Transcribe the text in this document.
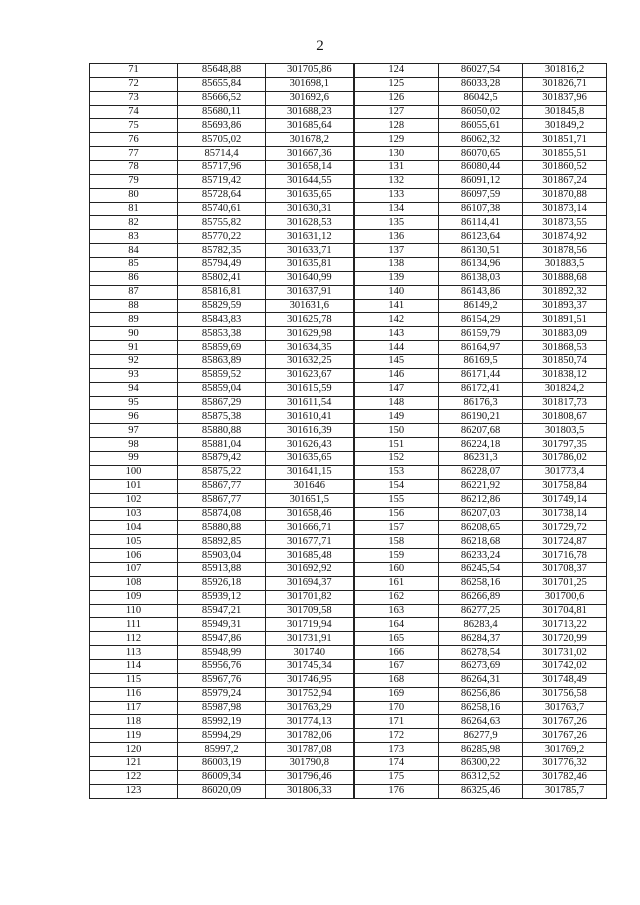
2
71	85648,88	301705,86	124	86027,54	301816,2
72	85655,84	301698,1	125	86033,28	301826,71
73	85666,52	301692,6	126	86042,5	301837,96
74	85680,11	301688,23	127	86050,02	301845,8
75	85693,86	301685,64	128	86055,61	301849,2
76	85705,02	301678,2	129	86062,32	301851,71
77	85714,4	301667,36	130	86070,65	301855,51
78	85717,96	301658,14	131	86080,44	301860,52
79	85719,42	301644,55	132	86091,12	301867,24
80	85728,64	301635,65	133	86097,59	301870,88
81	85740,61	301630,31	134	86107,38	301873,14
82	85755,82	301628,53	135	86114,41	301873,55
83	85770,22	301631,12	136	86123,64	301874,92
84	85782,35	301633,71	137	86130,51	301878,56
85	85794,49	301635,81	138	86134,96	301883,5
86	85802,41	301640,99	139	86138,03	301888,68
87	85816,81	301637,91	140	86143,86	301892,32
88	85829,59	301631,6	141	86149,2	301893,37
89	85843,83	301625,78	142	86154,29	301891,51
90	85853,38	301629,98	143	86159,79	301883,09
91	85859,69	301634,35	144	86164,97	301868,53
92	85863,89	301632,25	145	86169,5	301850,74
93	85859,52	301623,67	146	86171,44	301838,12
94	85859,04	301615,59	147	86172,41	301824,2
95	85867,29	301611,54	148	86176,3	301817,73
96	85875,38	301610,41	149	86190,21	301808,67
97	85880,88	301616,39	150	86207,68	301803,5
98	85881,04	301626,43	151	86224,18	301797,35
99	85879,42	301635,65	152	86231,3	301786,02
100	85875,22	301641,15	153	86228,07	301773,4
101	85867,77	301646	154	86221,92	301758,84
102	85867,77	301651,5	155	86212,86	301749,14
103	85874,08	301658,46	156	86207,03	301738,14
104	85880,88	301666,71	157	86208,65	301729,72
105	85892,85	301677,71	158	86218,68	301724,87
106	85903,04	301685,48	159	86233,24	301716,78
107	85913,88	301692,92	160	86245,54	301708,37
108	85926,18	301694,37	161	86258,16	301701,25
109	85939,12	301701,82	162	86266,89	301700,6
110	85947,21	301709,58	163	86277,25	301704,81
111	85949,31	301719,94	164	86283,4	301713,22
112	85947,86	301731,91	165	86284,37	301720,99
113	85948,99	301740	166	86278,54	301731,02
114	85956,76	301745,34	167	86273,69	301742,02
115	85967,76	301746,95	168	86264,31	301748,49
116	85979,24	301752,94	169	86256,86	301756,58
117	85987,98	301763,29	170	86258,16	301763,7
118	85992,19	301774,13	171	86264,63	301767,26
119	85994,29	301782,06	172	86277,9	301767,26
120	85997,2	301787,08	173	86285,98	301769,2
121	86003,19	301790,8	174	86300,22	301776,32
122	86009,34	301796,46	175	86312,52	301782,46
123	86020,09	301806,33	176	86325,46	301785,7
